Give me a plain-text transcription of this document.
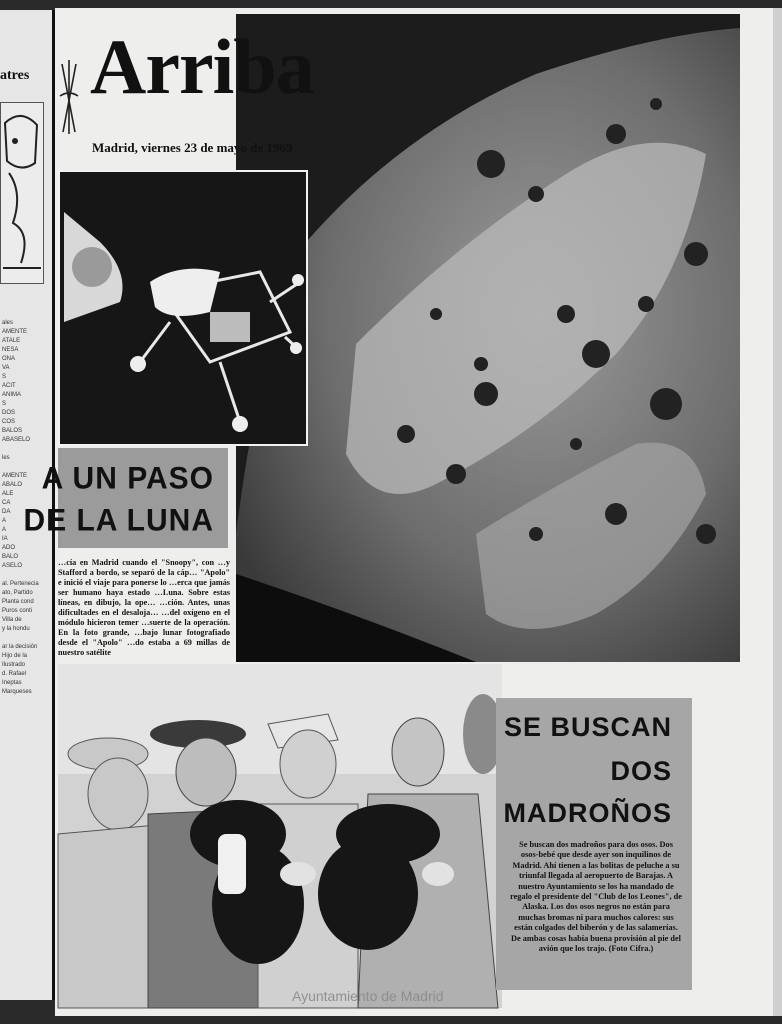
atres
ales
AMENTE
ATALE
NESA
ONA
VA
S
ACIT
ANIMA
S
DOS
COS
BALOS
ABASELO
les
AMENTE
ABALO
ALE
CA
DA
A
A
IA
ADO
BALO
ASELO
al. Pertenecia
ato, Partido
Planta cond
Puros conti
Villa de
y la hondu
ar la decisión
Hijo de la
Ilustrado
d. Rafael
Ineptas
Marqueses
Arriba
Madrid, viernes 23 de mayo de 1969
A UN PASO
DE LA LUNA
…cía en Madrid cuando el "Snoopy", con …y Stafford a bordo, se separó de la cáp… "Apolo" e inició el viaje para ponerse lo …erca que jamás ser humano haya estado …Luna. Sobre estas líneas, en dibujo, la ope… …ción. Antes, unas dificultades en el desaloja… …del oxígeno en el módulo hicieron temer …suerte de la operación. En la foto grande, …bajo lunar fotografiado desde el "Apolo" …do estaba a 69 millas de nuestro satélite
SE BUSCAN
DOS
MADROÑOS
Se buscan dos madroños para dos osos. Dos osos-bebé que desde ayer son inquilinos de Madrid. Ahí tienen a las bolitas de peluche a su triunfal llegada al aeropuerto de Barajas. A nuestro Ayuntamiento se los ha mandado de regalo el presidente del "Club de los Leones", de Alaska. Los dos osos negros no están para muchas bromas ni para muchos calores: sus están colgados del biberón y de las salamerías. De ambas cosas había buena provisión al pie del avión que los trajo. (Foto Cifra.)
Ayuntamiento de Madrid
